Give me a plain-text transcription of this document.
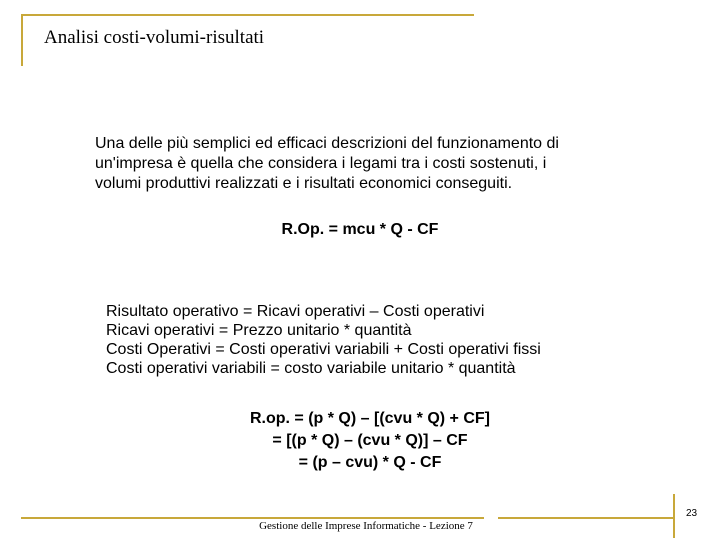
Analisi costi-volumi-risultati
Una delle più semplici ed efficaci descrizioni del funzionamento di
un'impresa è quella che considera i legami tra i costi sostenuti, i
volumi produttivi realizzati e i risultati economici conseguiti.
R.Op. = mcu * Q - CF
Risultato operativo = Ricavi operativi – Costi operativi
Ricavi operativi = Prezzo unitario * quantità
Costi Operativi = Costi operativi variabili + Costi operativi fissi
Costi operativi variabili = costo variabile unitario * quantità
R.op. = (p * Q) – [(cvu * Q) + CF]
= [(p * Q) – (cvu * Q)] – CF
= (p – cvu) * Q - CF
Gestione delle Imprese Informatiche - Lezione 7
23
